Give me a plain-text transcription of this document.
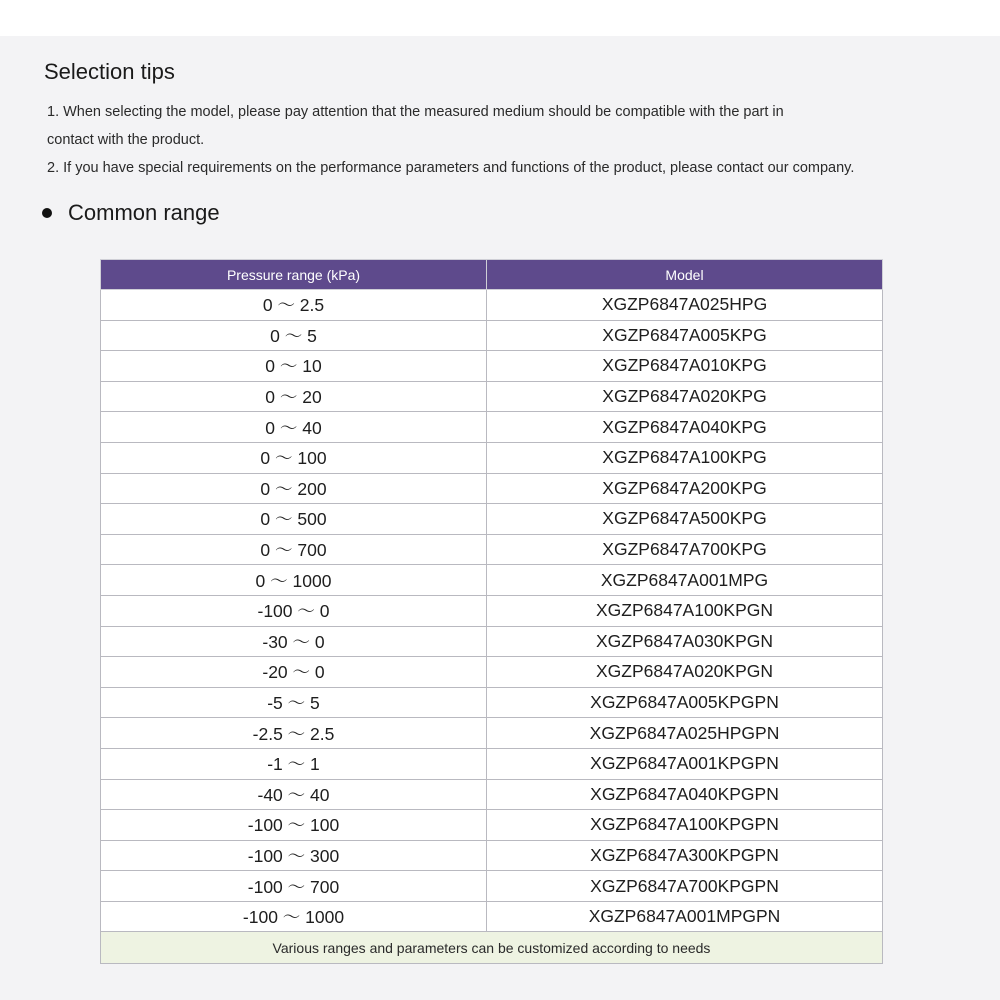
Selection tips
1. When selecting the model, please pay attention that the measured medium should be compatible with the part in
contact with the product.
2. If you have special requirements on the performance parameters and functions of the product, please contact our company.
Common range
Pressure range (kPa)	Model
0 ～ 2.5	XGZP6847A025HPG
0 ～ 5	XGZP6847A005KPG
0 ～ 10	XGZP6847A010KPG
0 ～ 20	XGZP6847A020KPG
0 ～ 40	XGZP6847A040KPG
0 ～ 100	XGZP6847A100KPG
0 ～ 200	XGZP6847A200KPG
0 ～ 500	XGZP6847A500KPG
0 ～ 700	XGZP6847A700KPG
0 ～ 1000	XGZP6847A001MPG
-100 ～ 0	XGZP6847A100KPGN
-30 ～ 0	XGZP6847A030KPGN
-20 ～ 0	XGZP6847A020KPGN
-5 ～ 5	XGZP6847A005KPGPN
-2.5 ～ 2.5	XGZP6847A025HPGPN
-1 ～ 1	XGZP6847A001KPGPN
-40 ～ 40	XGZP6847A040KPGPN
-100 ～ 100	XGZP6847A100KPGPN
-100 ～ 300	XGZP6847A300KPGPN
-100 ～ 700	XGZP6847A700KPGPN
-100 ～ 1000	XGZP6847A001MPGPN
Various ranges and parameters can be customized according to needs	
